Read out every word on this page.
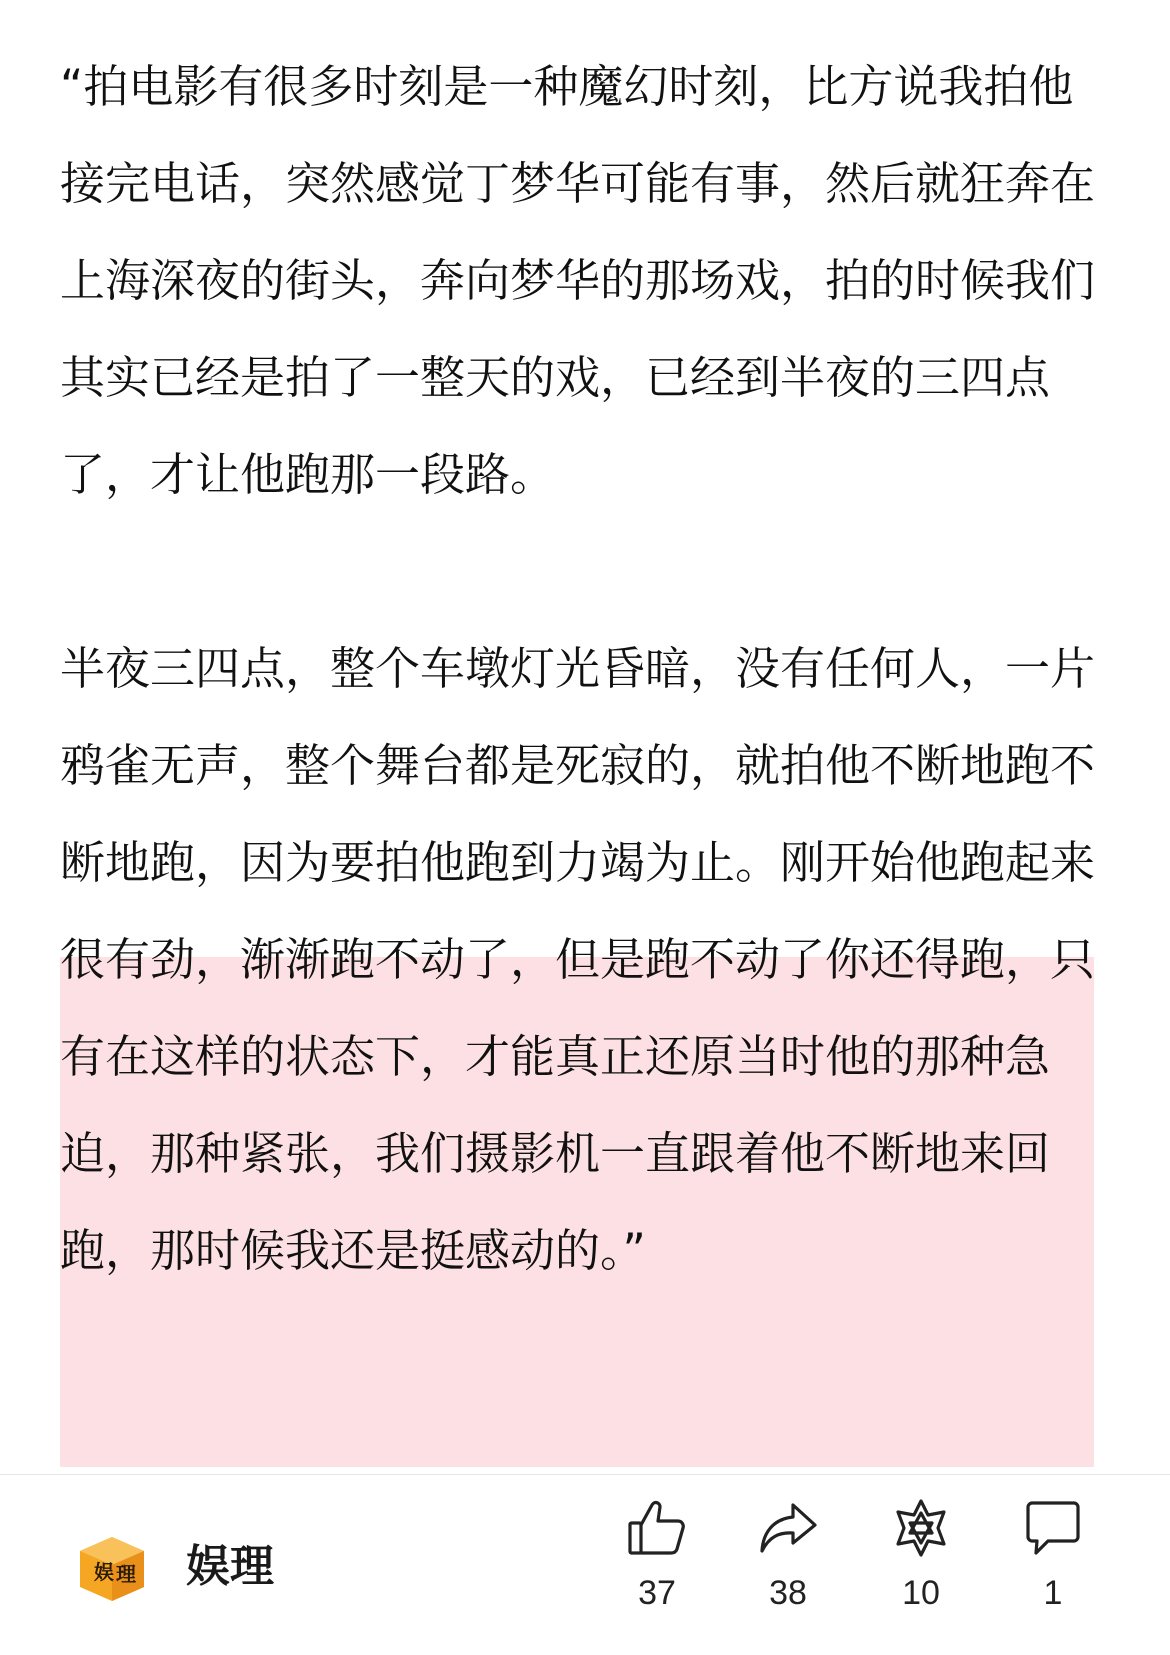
“拍电影有很多时刻是一种魔幻时刻，比方说我拍他接完电话，突然感觉丁梦华可能有事，然后就狂奔在上海深夜的街头，奔向梦华的那场戏，拍的时候我们其实已经是拍了一整天的戏，已经到半夜的三四点了，才让他跑那一段路。
半夜三四点，整个车墩灯光昏暗，没有任何人，一片鸦雀无声，整个舞台都是死寂的，就拍他不断地跑不断地跑，因为要拍他跑到力竭为止。刚开始他跑起来很有劲，渐渐跑不动了，但是跑不动了你还得跑，只有在这样的状态下，才能真正还原当时他的那种急迫，那种紧张，我们摄影机一直跟着他不断地来回跑，那时候我还是挺感动的。”
娱 理 娱理
37	38	10	1
